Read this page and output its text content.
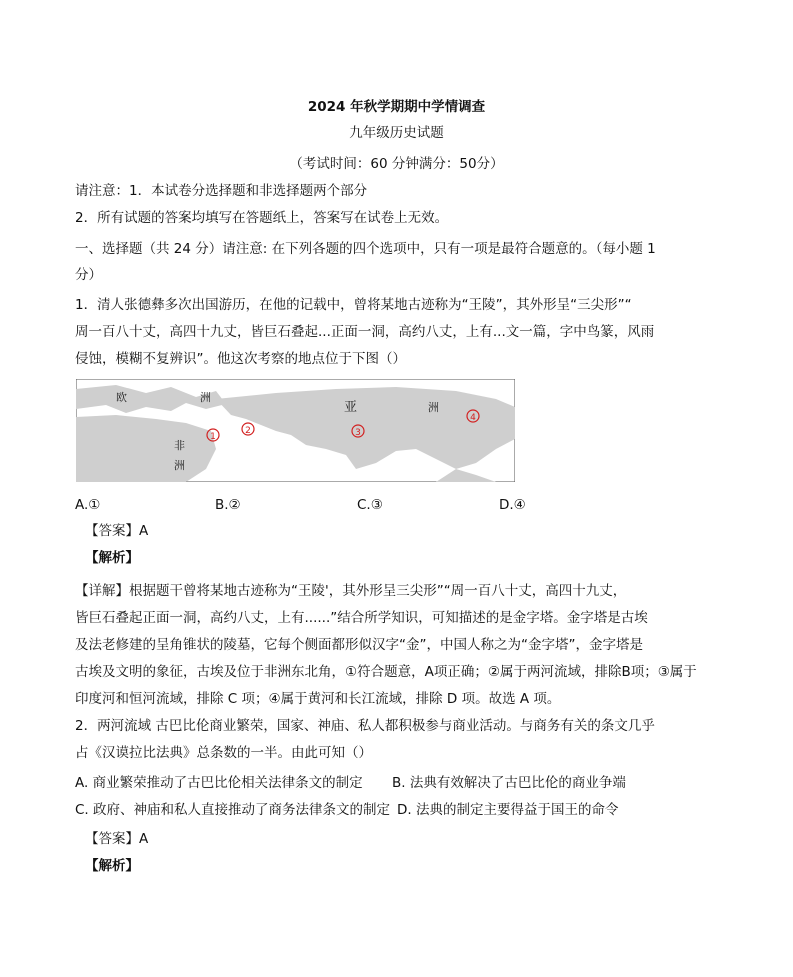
2024 年秋学期期中学情调查
九年级历史试题
（考试时间：60 分钟满分：50分）
请注意：1．本试卷分选择题和非选择题两个部分
2．所有试题的答案均填写在答题纸上，答案写在试卷上无效。
一、选择题（共 24 分）请注意: 在下列各题的四个选项中，只有一项是最符合题意的。（每小题 1
分）
1．清人张德彝多次出国游历，在他的记载中，曾将某地古迹称为“王陵”，其外形呈“三尖形”“
周一百八十丈，高四十九丈，皆巨石叠起...正面一洞，高约八丈，上有...文一篇，字中鸟篆，风雨
侵蚀，模糊不复辨识”。他这次考察的地点位于下图（）
欧	洲
亚	洲
非
洲
1
2	3
4
A.①	B.②	C.③	D.④
【答案】A
【解析】
【详解】根据题干曾将某地古迹称为“王陵'，其外形呈三尖形”“周一百八十丈，高四十九丈，
皆巨石叠起正面一洞，高约八丈，上有......”结合所学知识，可知描述的是金字塔。金字塔是古埃
及法老修建的呈角锥状的陵墓，它每个侧面都形似汉字“金”，中国人称之为“金字塔”，金字塔是
古埃及文明的象征，古埃及位于非洲东北角，①符合题意，A项正确；②属于两河流域，排除B项；③属于
印度河和恒河流域，排除 C 项；④属于黄河和长江流域，排除 D 项。故选 A 项。
2．两河流域 古巴比伦商业繁荣，国家、神庙、私人都积极参与商业活动。与商务有关的条文几乎
占《汉谟拉比法典》总条数的一半。由此可知（）
A. 商业繁荣推动了古巴比伦相关法律条文的制定 B. 法典有效解决了古巴比伦的商业争端
C. 政府、神庙和私人直接推动了商务法律条文的制定 D. 法典的制定主要得益于国王的命令
【答案】A
【解析】
